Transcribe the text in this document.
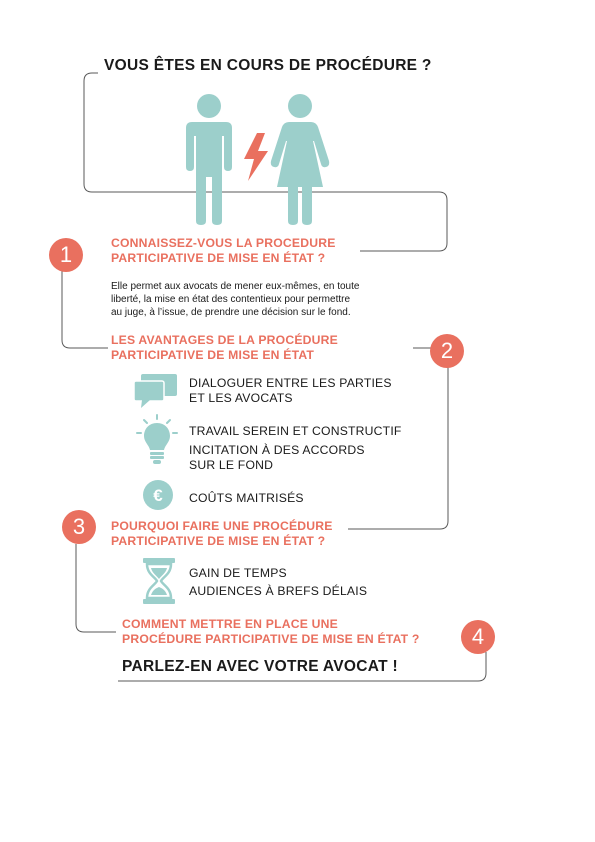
VOUS ÊTES EN COURS DE PROCÉDURE ?
1	CONNAISSEZ-VOUS LA PROCEDURE
PARTICIPATIVE DE MISE EN ÉTAT ?
Elle permet aux avocats de mener eux-mêmes, en toute
liberté, la mise en état des contentieux pour permettre
au juge, à l’issue, de prendre une décision sur le fond.
LES AVANTAGES DE LA PROCÉDURE
PARTICIPATIVE DE MISE EN ÉTAT	2
DIALOGUER ENTRE LES PARTIES
ET LES AVOCATS
TRAVAIL SEREIN ET CONSTRUCTIF
INCITATION À DES ACCORDS
SUR LE FOND
€ COÛTS MAITRISÉS
3	POURQUOI FAIRE UNE PROCÉDURE
PARTICIPATIVE DE MISE EN ÉTAT ?
GAIN DE TEMPS
AUDIENCES À BREFS DÉLAIS
COMMENT METTRE EN PLACE UNE
PROCÉDURE PARTICIPATIVE DE MISE EN ÉTAT ?	4
PARLEZ-EN AVEC VOTRE AVOCAT !
